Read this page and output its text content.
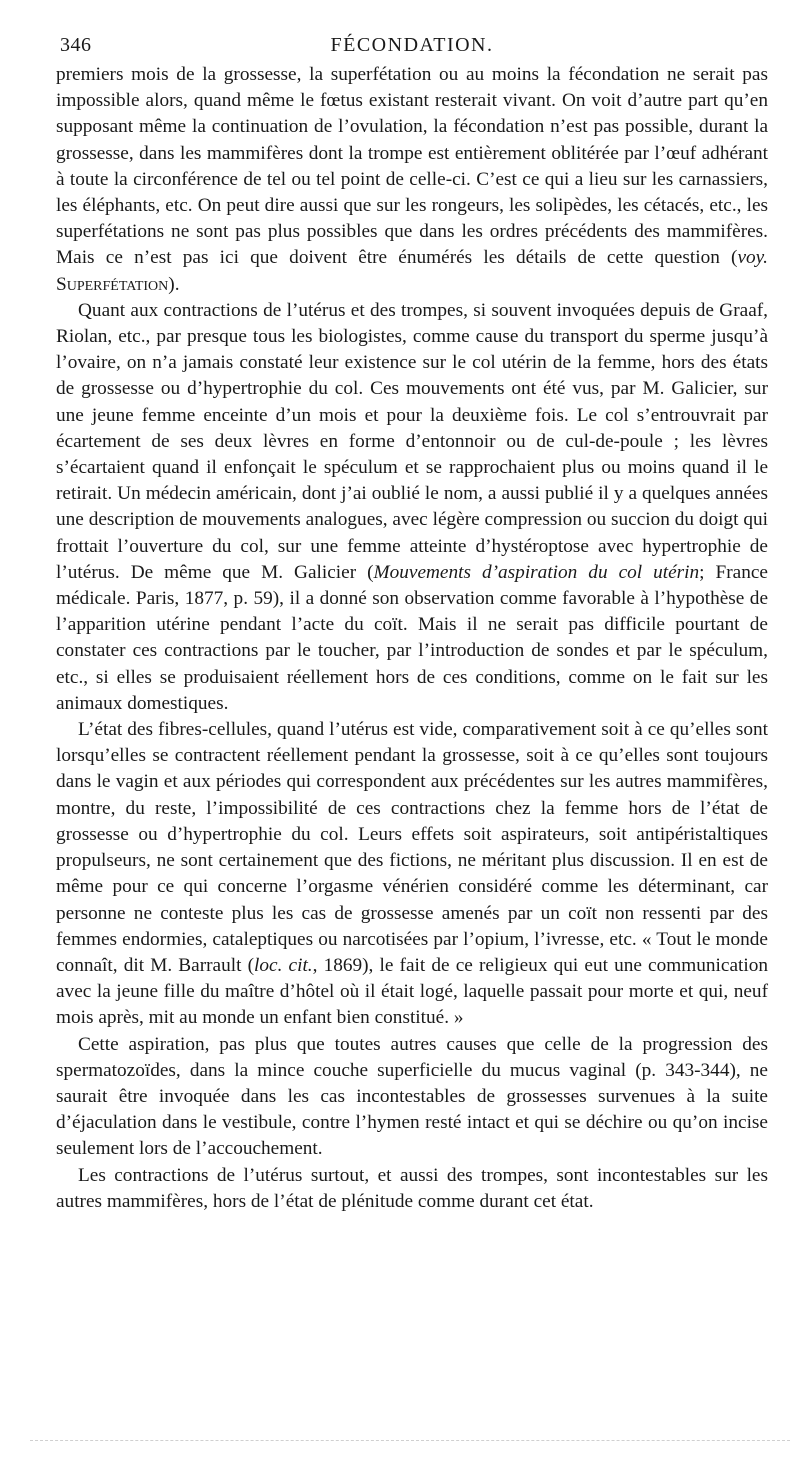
346	FÉCONDATION.

premiers mois de la grossesse, la superfétation ou au moins la fécondation ne serait pas impossible alors, quand même le fœtus existant resterait vivant. On voit d’autre part qu’en supposant même la continuation de l’ovulation, la fécondation n’est pas possible, durant la grossesse, dans les mammifères dont la trompe est entièrement oblitérée par l’œuf adhérant à toute la circonférence de tel ou tel point de celle-ci. C’est ce qui a lieu sur les carnassiers, les éléphants, etc. On peut dire aussi que sur les rongeurs, les solipèdes, les cétacés, etc., les superfétations ne sont pas plus possibles que dans les ordres précédents des mammifères. Mais ce n’est pas ici que doivent être énumérés les détails de cette question (voy. Superfétation).

Quant aux contractions de l’utérus et des trompes, si souvent invoquées depuis de Graaf, Riolan, etc., par presque tous les biologistes, comme cause du transport du sperme jusqu’à l’ovaire, on n’a jamais constaté leur existence sur le col utérin de la femme, hors des états de grossesse ou d’hypertrophie du col. Ces mouvements ont été vus, par M. Galicier, sur une jeune femme enceinte d’un mois et pour la deuxième fois. Le col s’entrouvrait par écartement de ses deux lèvres en forme d’entonnoir ou de cul-de-poule ; les lèvres s’écartaient quand il enfonçait le spéculum et se rapprochaient plus ou moins quand il le retirait. Un médecin américain, dont j’ai oublié le nom, a aussi publié il y a quelques années une description de mouvements analogues, avec légère compression ou succion du doigt qui frottait l’ouverture du col, sur une femme atteinte d’hystéroptose avec hypertrophie de l’utérus. De même que M. Galicier (Mouvements d’aspiration du col utérin; France médicale. Paris, 1877, p. 59), il a donné son observation comme favorable à l’hypothèse de l’apparition utérine pendant l’acte du coït. Mais il ne serait pas difficile pourtant de constater ces contractions par le toucher, par l’introduction de sondes et par le spéculum, etc., si elles se produisaient réellement hors de ces conditions, comme on le fait sur les animaux domestiques.

L’état des fibres-cellules, quand l’utérus est vide, comparativement soit à ce qu’elles sont lorsqu’elles se contractent réellement pendant la grossesse, soit à ce qu’elles sont toujours dans le vagin et aux périodes qui correspondent aux précédentes sur les autres mammifères, montre, du reste, l’impossibilité de ces contractions chez la femme hors de l’état de grossesse ou d’hypertrophie du col. Leurs effets soit aspirateurs, soit antipéristaltiques propulseurs, ne sont certainement que des fictions, ne méritant plus discussion. Il en est de même pour ce qui concerne l’orgasme vénérien considéré comme les déterminant, car personne ne conteste plus les cas de grossesse amenés par un coït non ressenti par des femmes endormies, cataleptiques ou narcotisées par l’opium, l’ivresse, etc. « Tout le monde connaît, dit M. Barrault (loc. cit., 1869), le fait de ce religieux qui eut une communication avec la jeune fille du maître d’hôtel où il était logé, laquelle passait pour morte et qui, neuf mois après, mit au monde un enfant bien constitué. »

Cette aspiration, pas plus que toutes autres causes que celle de la progression des spermatozoïdes, dans la mince couche superficielle du mucus vaginal (p. 343-344), ne saurait être invoquée dans les cas incontestables de grossesses survenues à la suite d’éjaculation dans le vestibule, contre l’hymen resté intact et qui se déchire ou qu’on incise seulement lors de l’accouchement.

Les contractions de l’utérus surtout, et aussi des trompes, sont incontestables sur les autres mammifères, hors de l’état de plénitude comme durant cet état.
